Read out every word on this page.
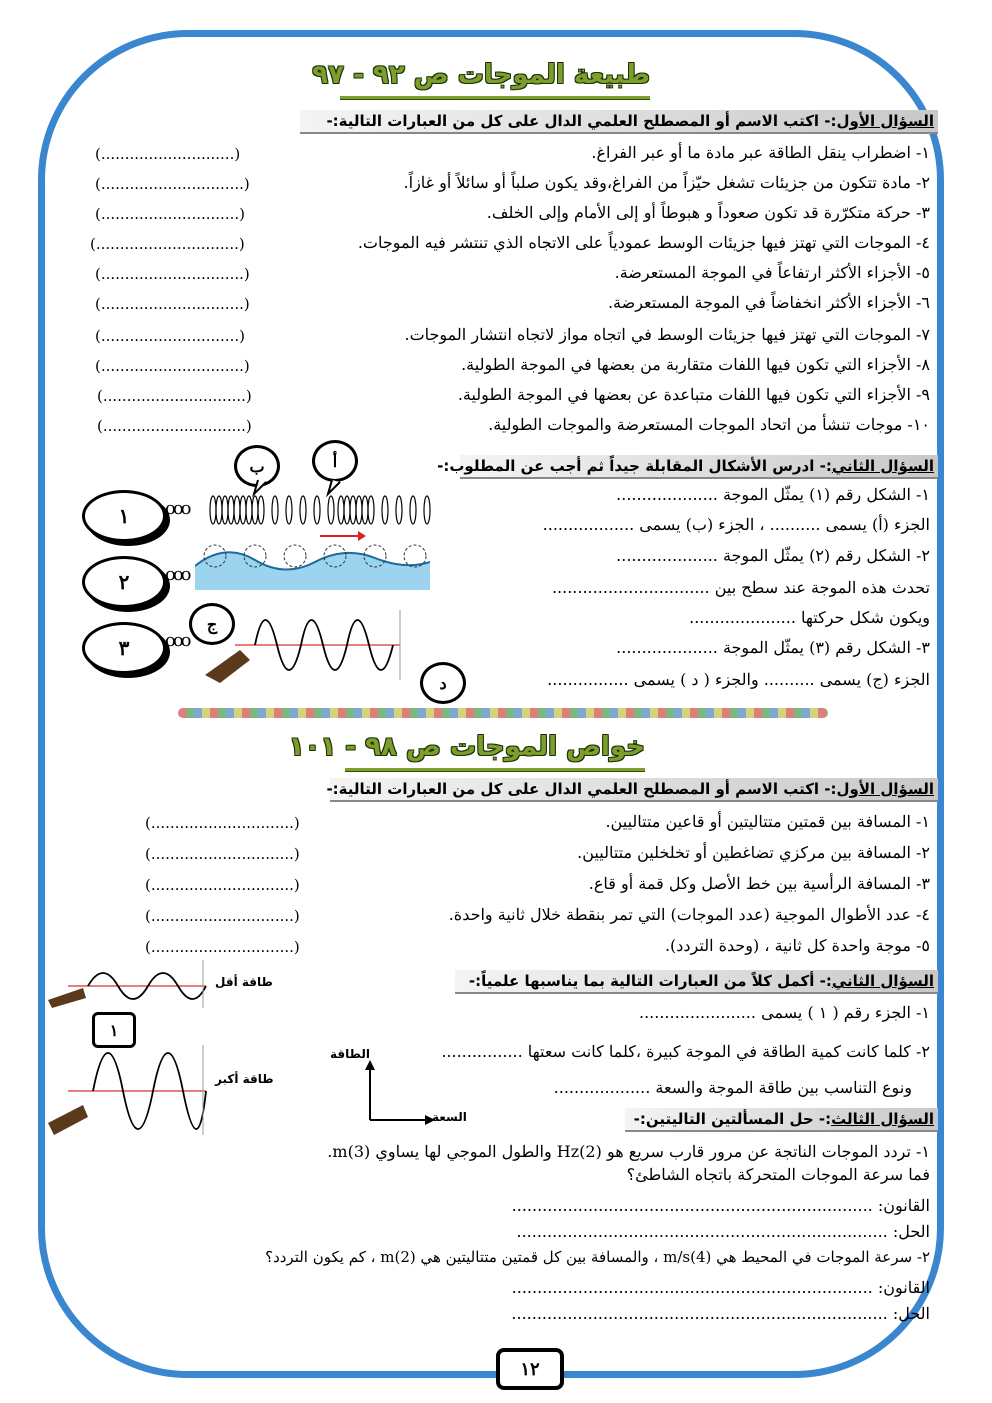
طبيعة الموجات ص ٩٢ - ٩٧
السؤال الأول:- اكتب الاسم أو المصطلح العلمي الدال على كل من العبارات التالية:-
١- اضطراب ينقل الطاقة عبر مادة ما أو عبر الفراغ.
(............................)
٢- مادة تتكون من جزيئات تشغل حيّزاً من الفراغ،وقد يكون صلباً أو سائلاً أو غازاً.
(..............................)
٣- حركة متكرّرة قد تكون صعوداً و هبوطاً أو إلى الأمام وإلى الخلف.
(.............................)
٤- الموجات التي تهتز فيها جزيئات الوسط عمودياً على الاتجاه الذي تنتشر فيه الموجات.
(..............................)
٥- الأجزاء الأكثر ارتفاعاً في الموجة المستعرضة.
(..............................)
٦- الأجزاء الأكثر انخفاضاً في الموجة المستعرضة.
(..............................)
٧- الموجات التي تهتز فيها جزيئات الوسط في اتجاه مواز لاتجاه انتشار الموجات.
(.............................)
٨- الأجزاء التي تكون فيها اللفات متقاربة من بعضها في الموجة الطولية.
(..............................)
٩- الأجزاء التي تكون فيها اللفات متباعدة عن بعضها في الموجة الطولية.
(..............................)
١٠- موجات تنشأ من اتحاد الموجات المستعرضة والموجات الطولية.
(..............................)
السؤال الثاني:- ادرس الأشكال المقابلة جيداً ثم أجب عن المطلوب:-
١- الشكل رقم (١) يمثّل الموجة ....................
الجزء (أ) يسمى .......... ، الجزء (ب) يسمى ..................
٢- الشكل رقم (٢) يمثّل الموجة ....................
تحدث هذه الموجة عند سطح بين ...............................
ويكون شكل حركتها .....................
٣- الشكل رقم (٣) يمثّل الموجة ....................
الجزء (ج) يسمى .......... والجزء ( د ) يسمى ................
١	ooo
٢	ooo
٣	ooo
ب	أ
ج
د
خواص الموجات ص ٩٨ - ١٠١
السؤال الأول:- اكتب الاسم أو المصطلح العلمي الدال على كل من العبارات التالية:-
١- المسافة بين قمتين متتاليتين أو قاعين متتاليين.
(..............................)
٢- المسافة بين مركزي تضاغطين أو تخلخلين متتاليين.
(..............................)
٣- المسافة الرأسية بين خط الأصل وكل قمة أو قاع.
(..............................)
٤- عدد الأطوال الموجية (عدد الموجات) التي تمر بنقطة خلال ثانية واحدة.
(..............................)
٥- موجة واحدة كل ثانية ، (وحدة التردد).
(..............................)
السؤال الثاني:- أكمل كلاً من العبارات التالية بما يناسبها علمياً:-
١- الجزء رقم ( ١ ) يسمى .......................
٢- كلما كانت كمية الطاقة في الموجة كبيرة ،كلما كانت سعتها ................
ونوع التناسب بين طاقة الموجة والسعة ...................
طاقة أقل
١
طاقة أكبر
الطاقة
السعة	السؤال الثالث:- حل المسألتين التاليتين:-
١- تردد الموجات الناتجة عن مرور قارب سريع هو (2)Hz والطول الموجي لها يساوي (3)m.
فما سرعة الموجات المتحركة باتجاه الشاطئ؟
القانون: .......................................................................
الحل: .........................................................................
٢- سرعة الموجات في المحيط هي (4)m/s ، والمسافة بين كل قمتين متتاليتين هي (2)m ، كم يكون التردد؟
القانون: .......................................................................
الحل: ..........................................................................
١٢
